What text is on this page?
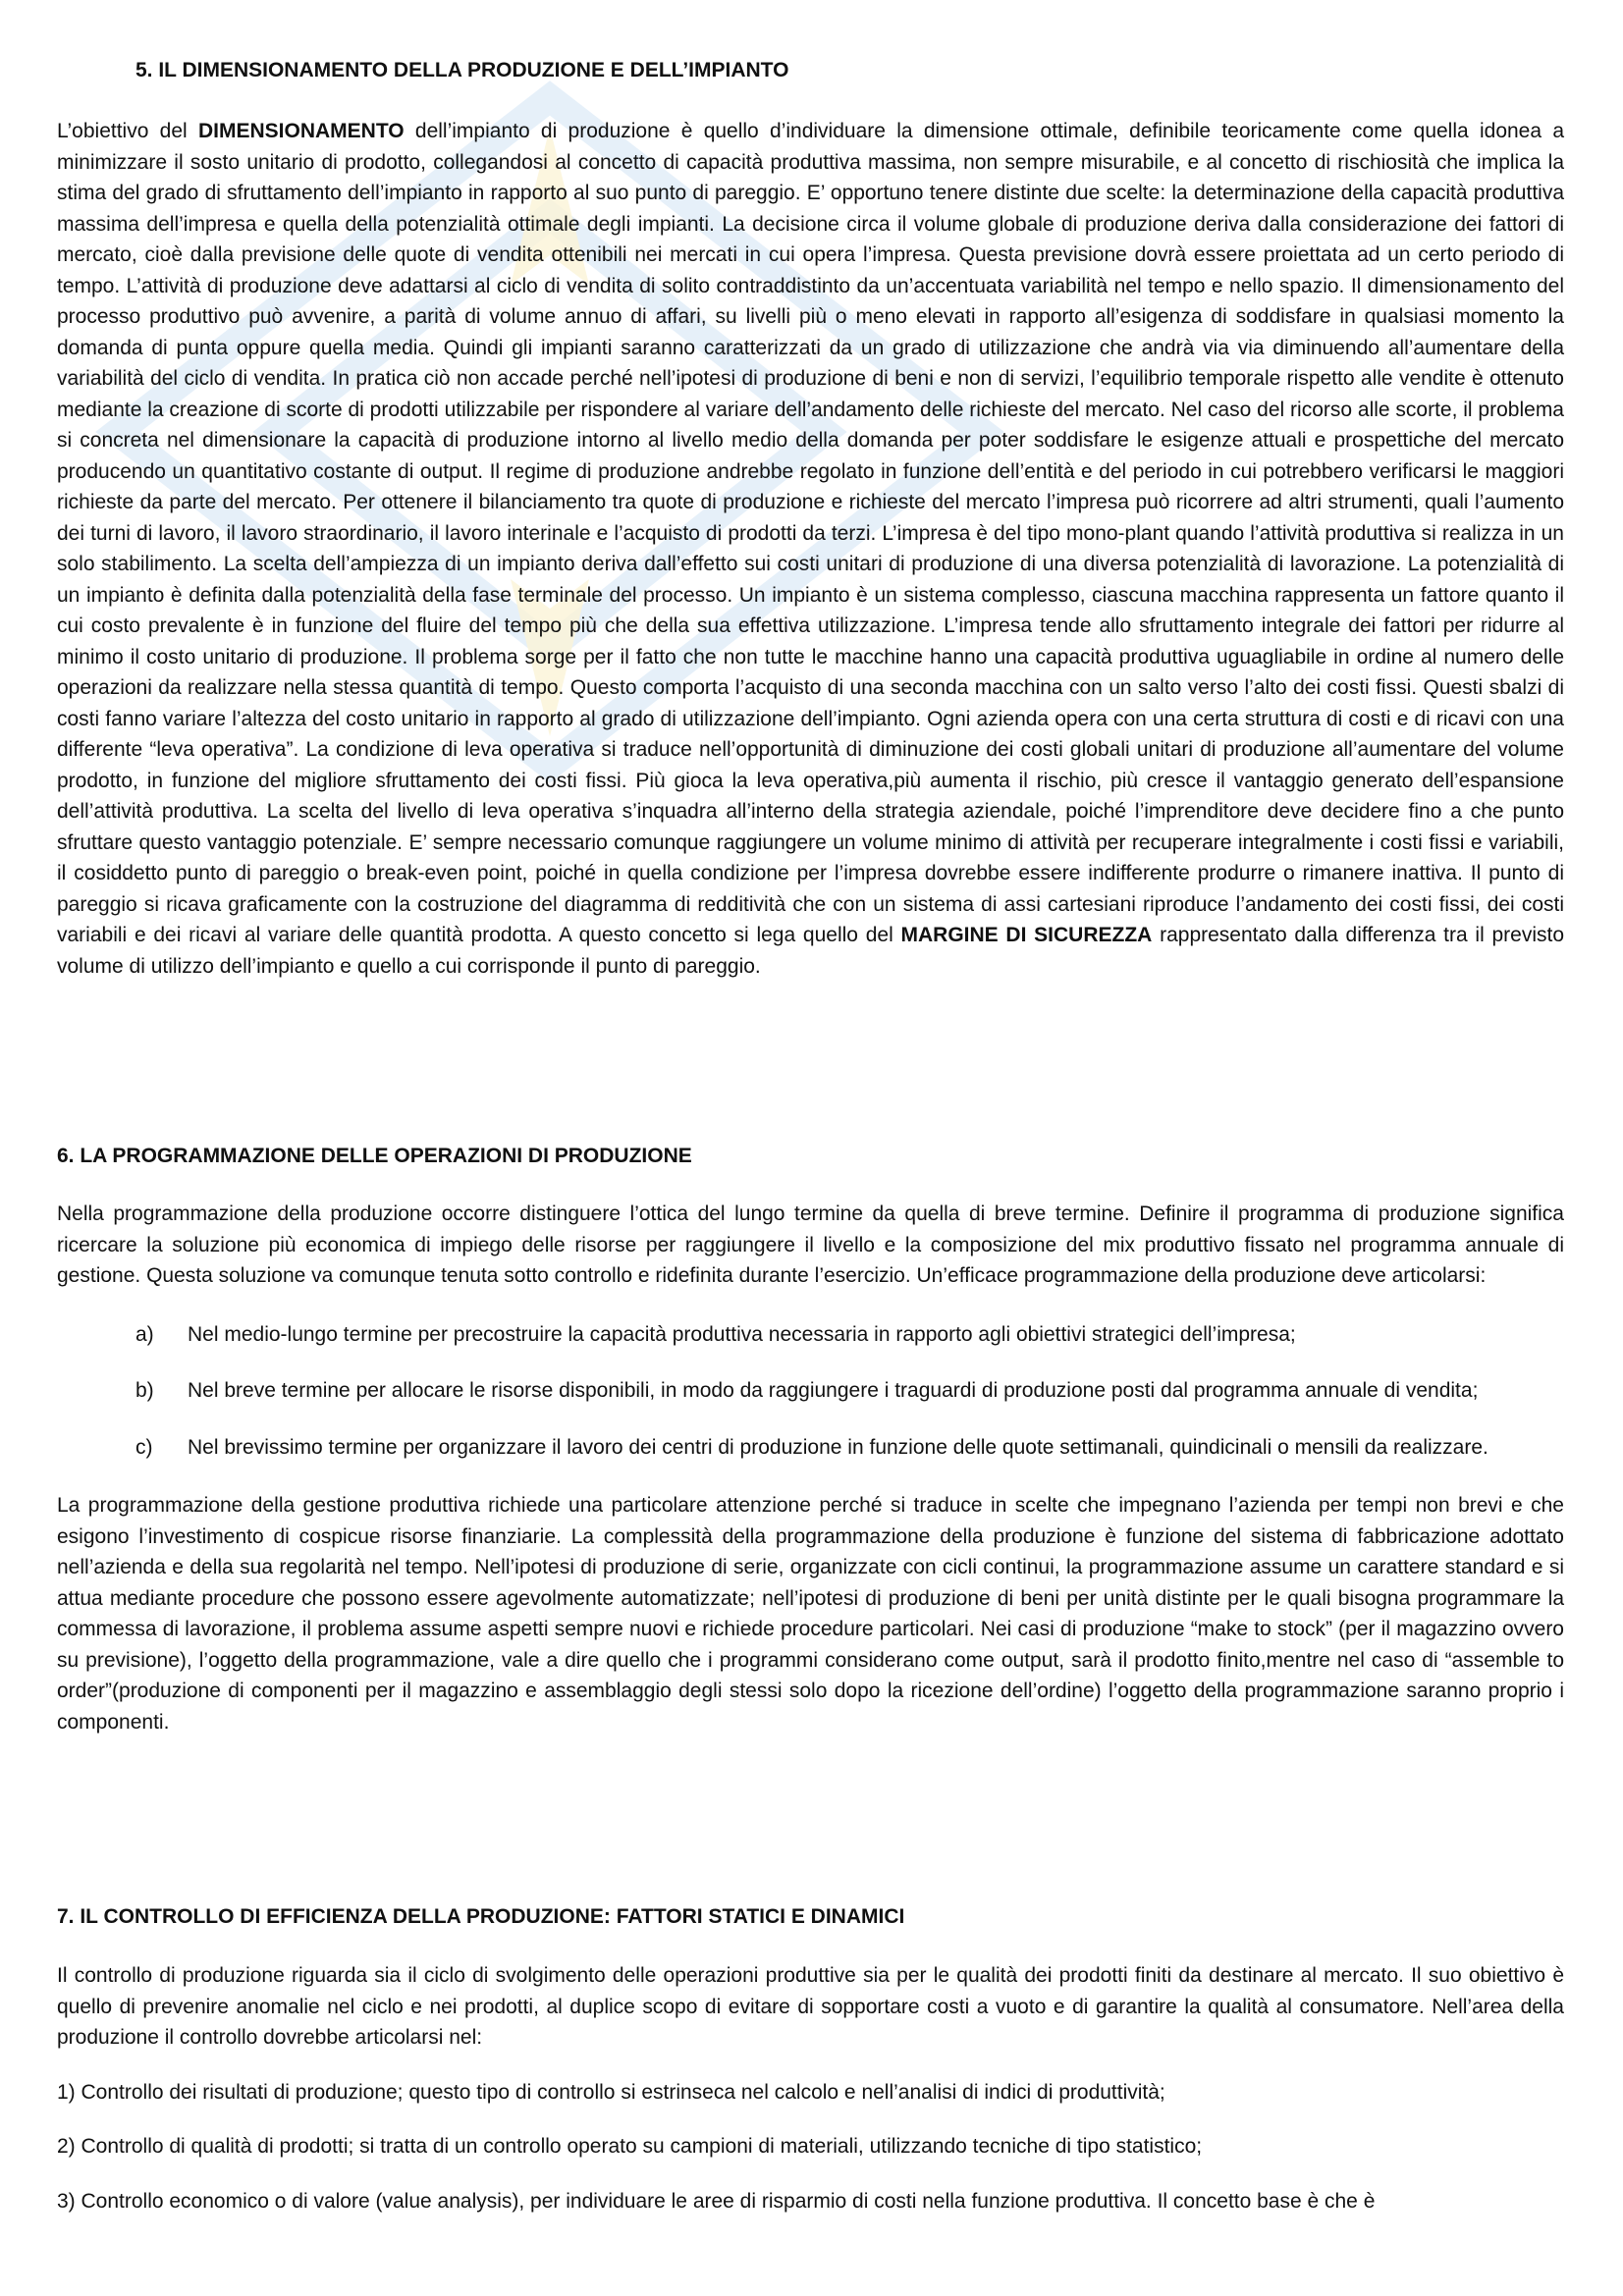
5. IL DIMENSIONAMENTO DELLA PRODUZIONE E DELL’IMPIANTO

L’obiettivo del DIMENSIONAMENTO dell’impianto di produzione è quello d’individuare la dimensione ottimale, definibile teoricamente come quella idonea a minimizzare il sosto unitario di prodotto, collegandosi al concetto di capacità produttiva massima, non sempre misurabile, e al concetto di rischiosità che implica la stima del grado di sfruttamento dell’impianto in rapporto al suo punto di pareggio. E’ opportuno tenere distinte due scelte: la determinazione della capacità produttiva massima dell’impresa e quella della potenzialità ottimale degli impianti. La decisione circa il volume globale di produzione deriva dalla considerazione dei fattori di mercato, cioè dalla previsione delle quote di vendita ottenibili nei mercati in cui opera l’impresa. Questa previsione dovrà essere proiettata ad un certo periodo di tempo. L’attività di produzione deve adattarsi al ciclo di vendita di solito contraddistinto da un’accentuata variabilità nel tempo e nello spazio. Il dimensionamento del processo produttivo può avvenire, a parità di volume annuo di affari, su livelli più o meno elevati in rapporto all’esigenza di soddisfare in qualsiasi momento la domanda di punta oppure quella media. Quindi gli impianti saranno caratterizzati da un grado di utilizzazione che andrà via via diminuendo all’aumentare della variabilità del ciclo di vendita. In pratica ciò non accade perché nell’ipotesi di produzione di beni e non di servizi, l’equilibrio temporale rispetto alle vendite è ottenuto mediante la creazione di scorte di prodotti utilizzabile per rispondere al variare dell’andamento delle richieste del mercato. Nel caso del ricorso alle scorte, il problema si concreta nel dimensionare la capacità di produzione intorno al livello medio della domanda per poter soddisfare le esigenze attuali e prospettiche del mercato producendo un quantitativo costante di output. Il regime di produzione andrebbe regolato in funzione dell’entità e del periodo in cui potrebbero verificarsi le maggiori richieste da parte del mercato. Per ottenere il bilanciamento tra quote di produzione e richieste del mercato l’impresa può ricorrere ad altri strumenti, quali l’aumento dei turni di lavoro, il lavoro straordinario, il lavoro interinale e l’acquisto di prodotti da terzi. L’impresa è del tipo mono-plant quando l’attività produttiva si realizza in un solo stabilimento. La scelta dell’ampiezza di un impianto deriva dall’effetto sui costi unitari di produzione di una diversa potenzialità di lavorazione. La potenzialità di un impianto è definita dalla potenzialità della fase terminale del processo. Un impianto è un sistema complesso, ciascuna macchina rappresenta un fattore quanto il cui costo prevalente è in funzione del fluire del tempo più che della sua effettiva utilizzazione. L’impresa tende allo sfruttamento integrale dei fattori per ridurre al minimo il costo unitario di produzione. Il problema sorge per il fatto che non tutte le macchine hanno una capacità produttiva uguagliabile in ordine al numero delle operazioni da realizzare nella stessa quantità di tempo. Questo comporta l’acquisto di una seconda macchina con un salto verso l’alto dei costi fissi. Questi sbalzi di costi fanno variare l’altezza del costo unitario in rapporto al grado di utilizzazione dell’impianto. Ogni azienda opera con una certa struttura di costi e di ricavi con una differente “leva operativa”. La condizione di leva operativa si traduce nell’opportunità di diminuzione dei costi globali unitari di produzione all’aumentare del volume prodotto, in funzione del migliore sfruttamento dei costi fissi. Più gioca la leva operativa,più aumenta il rischio, più cresce il vantaggio generato dell’espansione dell’attività produttiva. La scelta del livello di leva operativa s’inquadra all’interno della strategia aziendale, poiché l’imprenditore deve decidere fino a che punto sfruttare questo vantaggio potenziale. E’ sempre necessario comunque raggiungere un volume minimo di attività per recuperare integralmente i costi fissi e variabili, il cosiddetto punto di pareggio o break-even point, poiché in quella condizione per l’impresa dovrebbe essere indifferente produrre o rimanere inattiva. Il punto di pareggio si ricava graficamente con la costruzione del diagramma di redditività che con un sistema di assi cartesiani riproduce l’andamento dei costi fissi, dei costi variabili e dei ricavi al variare delle quantità prodotta. A questo concetto si lega quello del MARGINE DI SICUREZZA rappresentato dalla differenza tra il previsto volume di utilizzo dell’impianto e quello a cui corrisponde il punto di pareggio.

6. LA PROGRAMMAZIONE DELLE OPERAZIONI DI PRODUZIONE

Nella programmazione della produzione occorre distinguere l’ottica del lungo termine da quella di breve termine. Definire il programma di produzione significa ricercare la soluzione più economica di impiego delle risorse per raggiungere il livello e la composizione del mix produttivo fissato nel programma annuale di gestione. Questa soluzione va comunque tenuta sotto controllo e ridefinita durante l’esercizio. Un’efficace programmazione della produzione deve articolarsi:

a) Nel medio-lungo termine per precostruire la capacità produttiva necessaria in rapporto agli obiettivi strategici dell’impresa;
b) Nel breve termine per allocare le risorse disponibili, in modo da raggiungere i traguardi di produzione posti dal programma annuale di vendita;
c) Nel brevissimo termine per organizzare il lavoro dei centri di produzione in funzione delle quote settimanali, quindicinali o mensili da realizzare.

La programmazione della gestione produttiva richiede una particolare attenzione perché si traduce in scelte che impegnano l’azienda per tempi non brevi e che esigono l’investimento di cospicue risorse finanziarie. La complessità della programmazione della produzione è funzione del sistema di fabbricazione adottato nell’azienda e della sua regolarità nel tempo. Nell’ipotesi di produzione di serie, organizzate con cicli continui, la programmazione assume un carattere standard e si attua mediante procedure che possono essere agevolmente automatizzate; nell’ipotesi di produzione di beni per unità distinte per le quali bisogna programmare la commessa di lavorazione, il problema assume aspetti sempre nuovi e richiede procedure particolari. Nei casi di produzione “make to stock” (per il magazzino ovvero su previsione), l’oggetto della programmazione, vale a dire quello che i programmi considerano come output, sarà il prodotto finito,mentre nel caso di “assemble to order”(produzione di componenti per il magazzino e assemblaggio degli stessi solo dopo la ricezione dell’ordine) l’oggetto della programmazione saranno proprio i componenti.

7. IL CONTROLLO DI EFFICIENZA DELLA PRODUZIONE: FATTORI STATICI E DINAMICI

Il controllo di produzione riguarda sia il ciclo di svolgimento delle operazioni produttive sia per le qualità dei prodotti finiti da destinare al mercato. Il suo obiettivo è quello di prevenire anomalie nel ciclo e nei prodotti, al duplice scopo di evitare di sopportare costi a vuoto e di garantire la qualità al consumatore. Nell’area della produzione il controllo dovrebbe articolarsi nel:

1) Controllo dei risultati di produzione; questo tipo di controllo si estrinseca nel calcolo e nell’analisi di indici di produttività;

2) Controllo di qualità di prodotti; si tratta di un controllo operato su campioni di materiali, utilizzando tecniche di tipo statistico;

3) Controllo economico o di valore (value analysis), per individuare le aree di risparmio di costi nella funzione produttiva. Il concetto base è che è
